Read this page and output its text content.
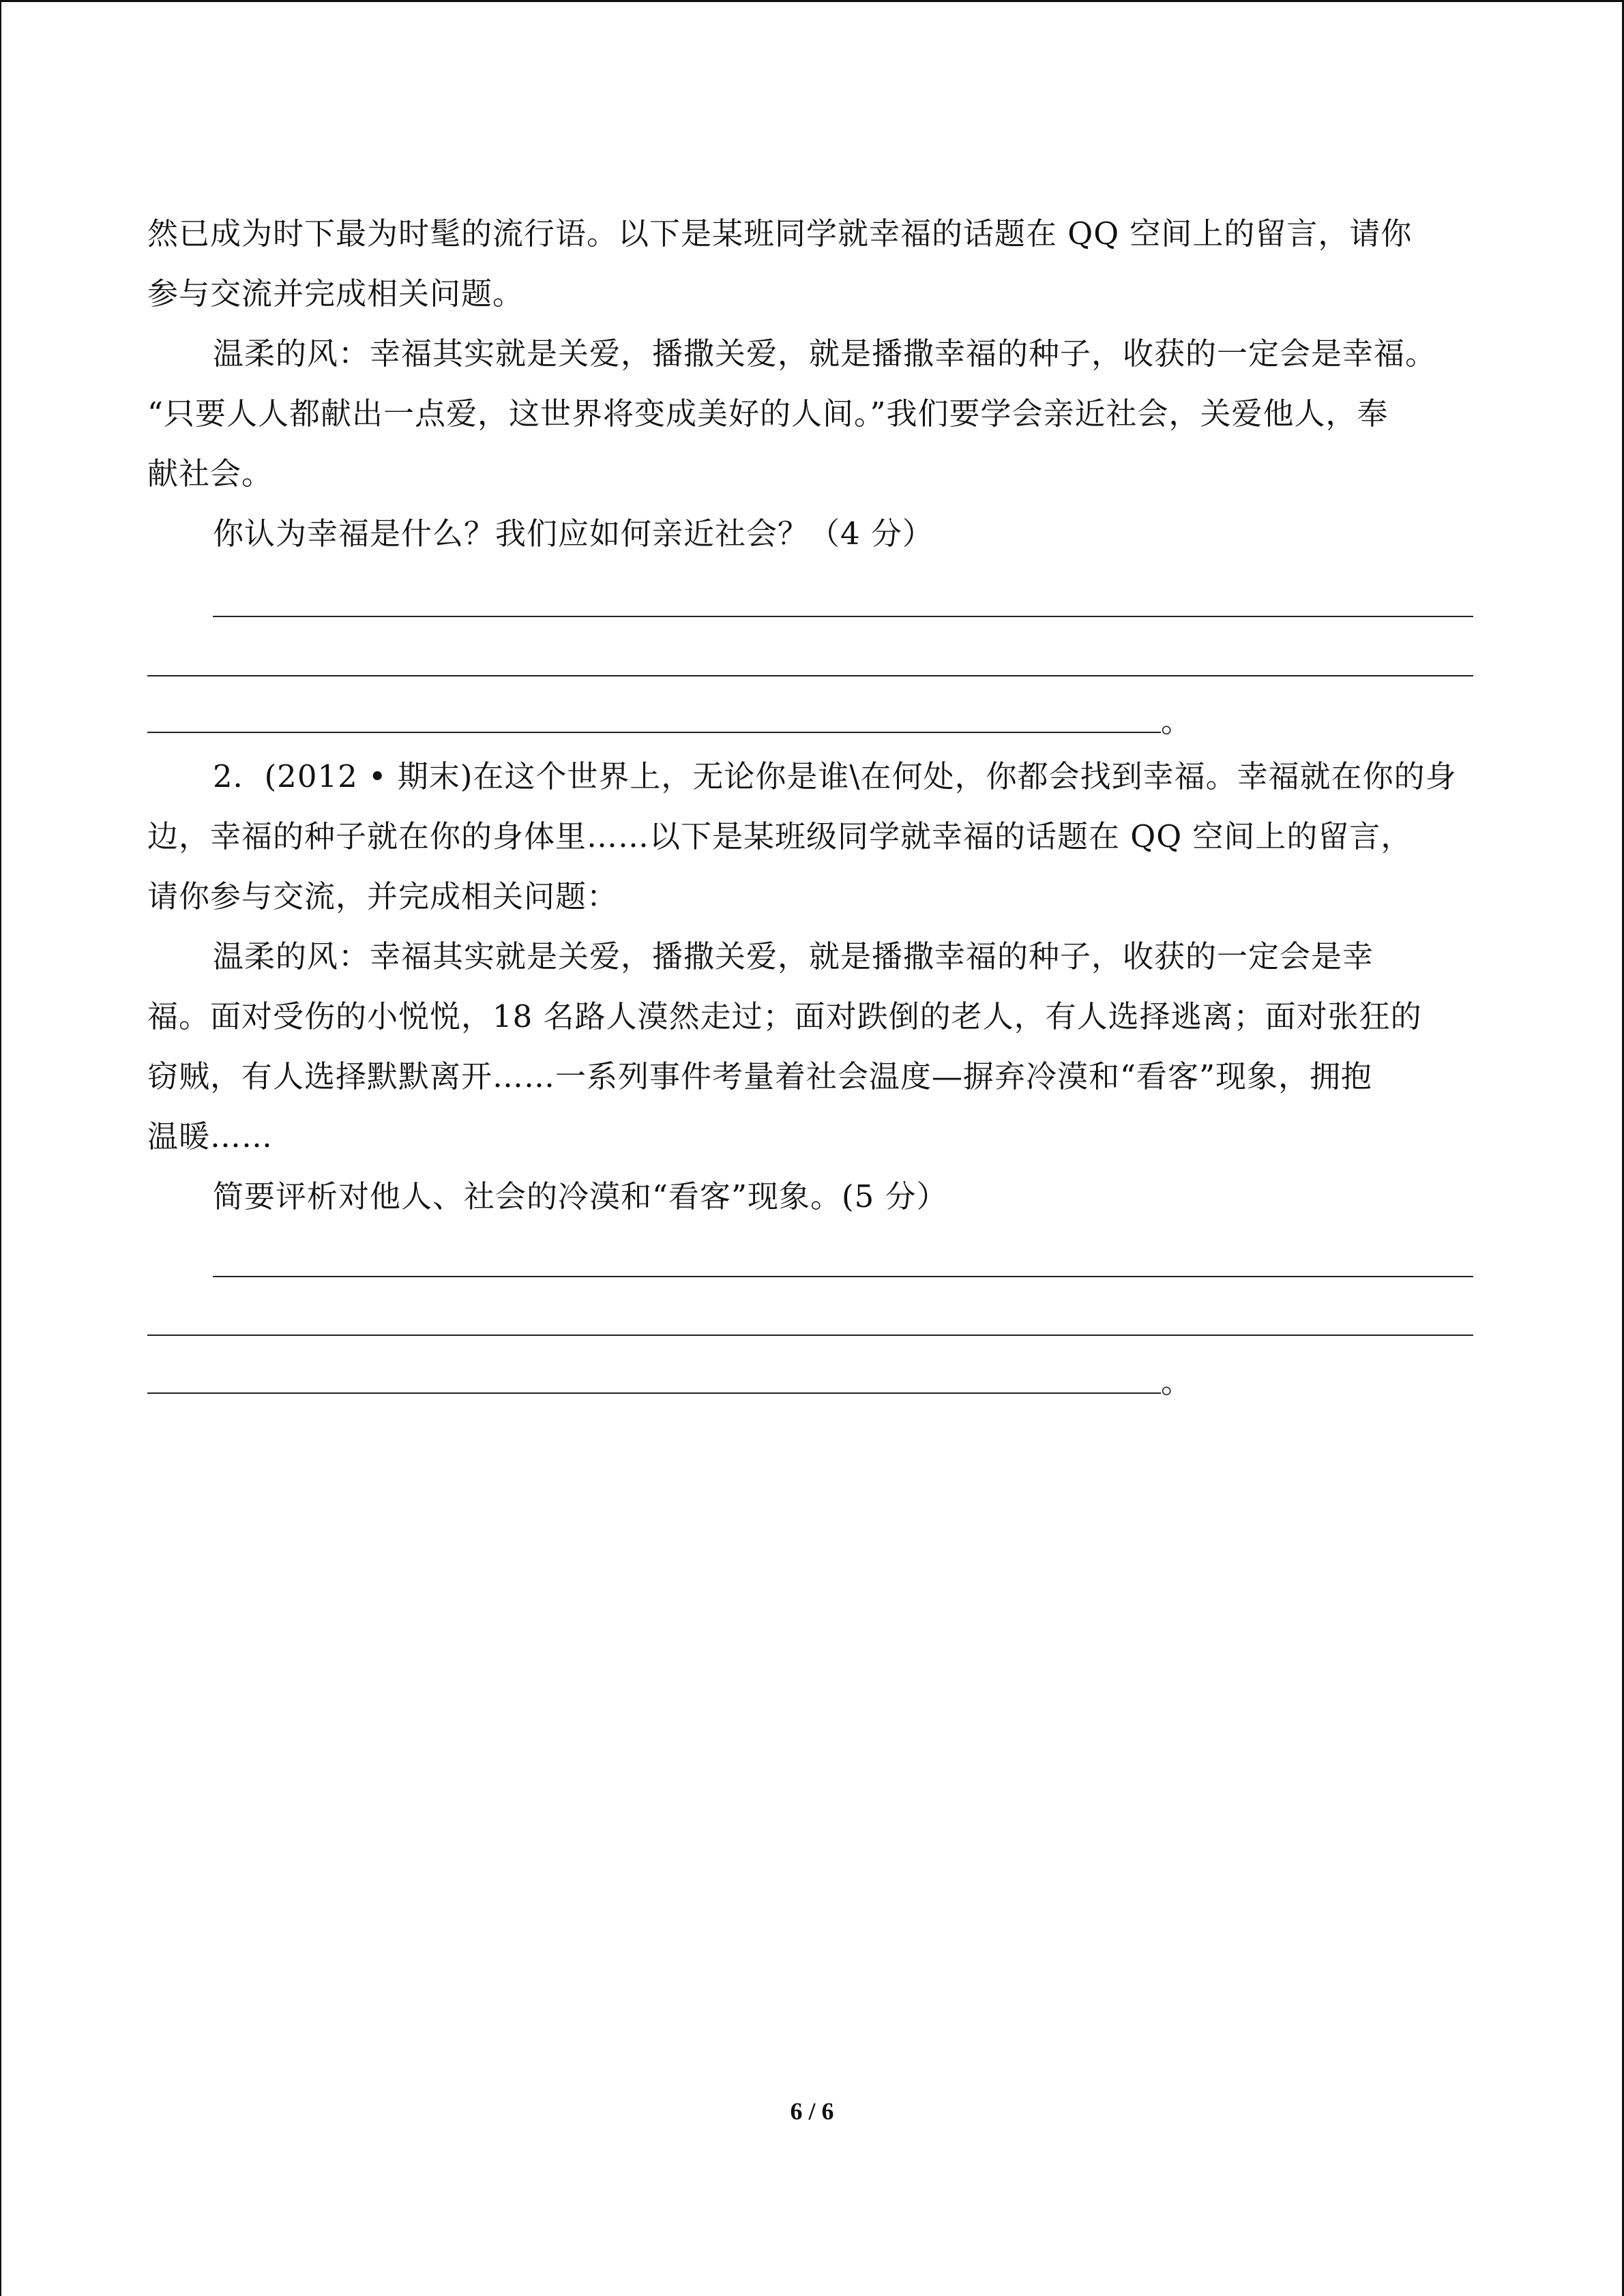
然已成为时下最为时髦的流行语。以下是某班同学就幸福的话题在 QQ 空间上的留言，请你
参与交流并完成相关问题。
温柔的风：幸福其实就是关爱，播撒关爱，就是播撒幸福的种子，收获的一定会是幸福。
“只要人人都献出一点爱，这世界将变成美好的人间。”我们要学会亲近社会，关爱他人，奉
献社会。
你认为幸福是什么？我们应如何亲近社会？（4 分）
。
2．(2012 • 期末)在这个世界上，无论你是谁\在何处，你都会找到幸福。幸福就在你的身
边，幸福的种子就在你的身体里……以下是某班级同学就幸福的话题在 QQ 空间上的留言，
请你参与交流，并完成相关问题：
温柔的风：幸福其实就是关爱，播撒关爱，就是播撒幸福的种子，收获的一定会是幸
福。面对受伤的小悦悦，18 名路人漠然走过；面对跌倒的老人，有人选择逃离；面对张狂的
窃贼，有人选择默默离开……一系列事件考量着社会温度—摒弃冷漠和“看客”现象，拥抱
温暖……
简要评析对他人、社会的冷漠和“看客”现象。(5 分）
。
6 / 6
